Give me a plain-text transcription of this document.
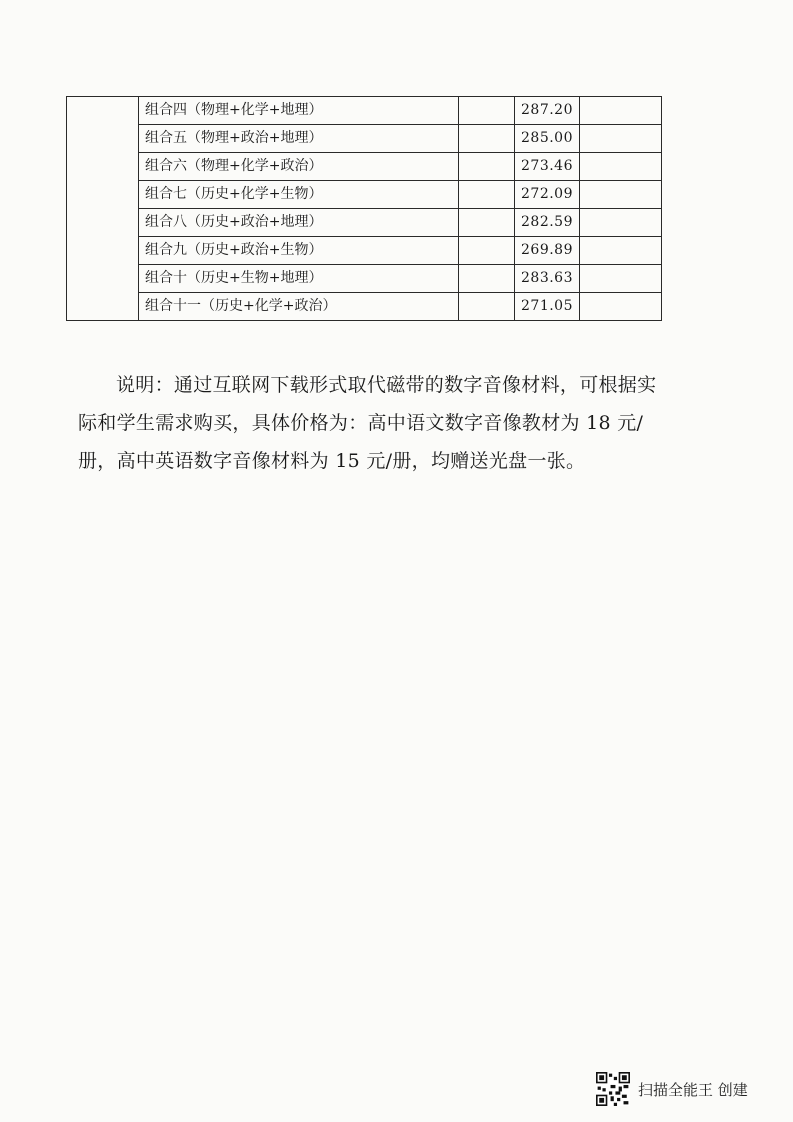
	组合四（物理+化学+地理）		287.20	
	组合五（物理+政治+地理）		285.00	
	组合六（物理+化学+政治）		273.46	
	组合七（历史+化学+生物）		272.09	
	组合八（历史+政治+地理）		282.59	
	组合九（历史+政治+生物）		269.89	
	组合十（历史+生物+地理）		283.63	
	组合十一（历史+化学+政治）		271.05	

说明：通过互联网下载形式取代磁带的数字音像材料，可根据实际和学生需求购买，具体价格为：高中语文数字音像教材为 18 元/册，高中英语数字音像材料为 15 元/册，均赠送光盘一张。

扫描全能王 创建
